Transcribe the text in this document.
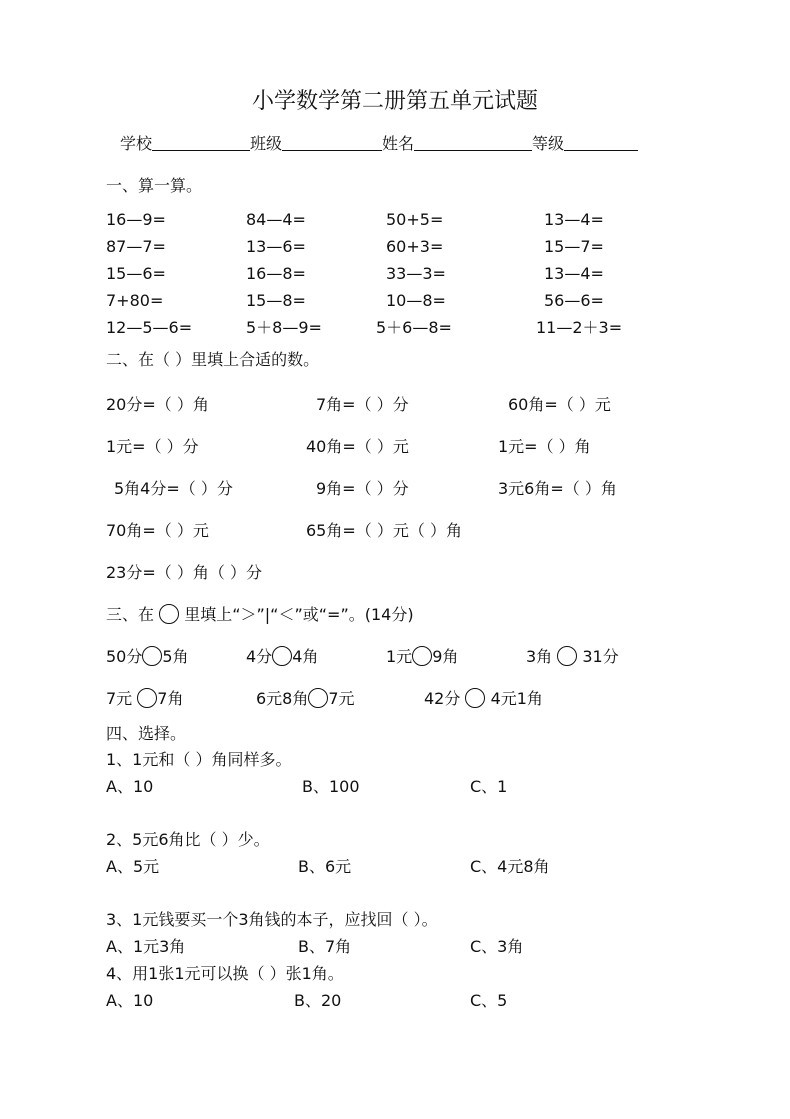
小学数学第二册第五单元试题
学校	班级	姓名	等级
一、算一算。
16—9=	84—4=	50+5=	13—4=
87—7=	13—6=	60+3=	15—7=
15—6=	16—8=	33—3=	13—4=
7+80=	15—8=	10—8=	56—6=
12—5—6=	5＋8—9=	5＋6—8=	11—2＋3=
二、在（ ）里填上合适的数。
20分=（ ）角	7角=（ ）分	60角=（ ）元
1元=（ ）分	40角=（ ）元	1元=（ ）角
5角4分=（ ）分	9角=（ ）分	3元6角=（ ）角
70角=（ ）元	65角=（ ）元（ ）角
23分=（ ）角（ ）分
三、在 里填上“＞”|“＜”或“=”。(14分)
50分 5角	4分 4角	1元 9角	3角 31分
7元 7角	6元8角 7元	42分 4元1角
四、选择。
1、1元和（ ）角同样多。
A、10	B、100	C、1
2、5元6角比（ ）少。
A、5元	B、6元	C、4元8角
3、1元钱要买一个3角钱的本子，应找回（ ）。
A、1元3角	B、7角	C、3角
4、用1张1元可以换（ ）张1角。
A、10	B、20	C、5
